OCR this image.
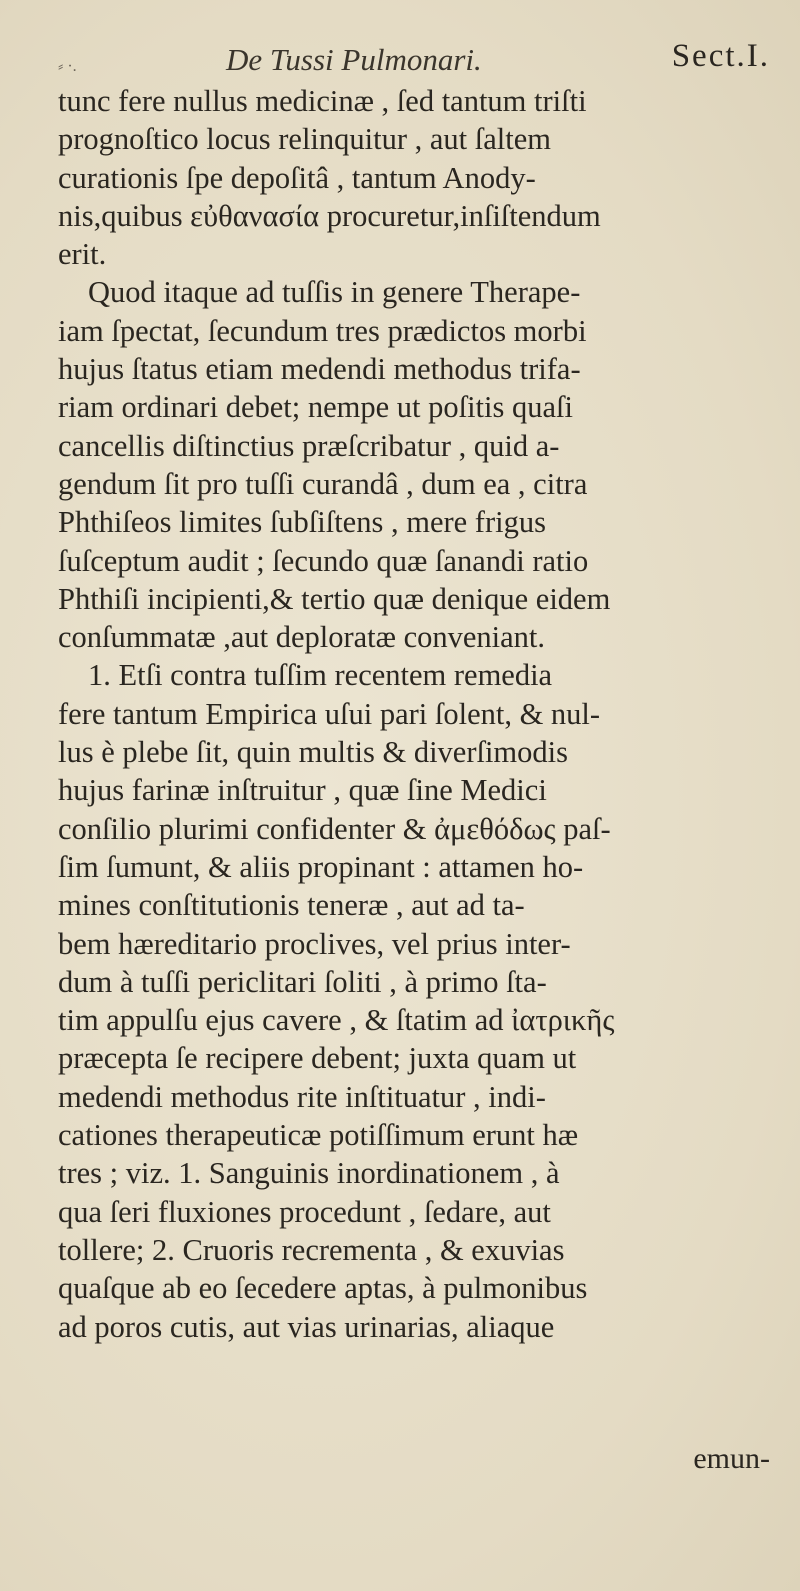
⸗ ·.	De Tussi Pulmonari.	Sect.I.
tunc fere nullus medicinæ , ſed tantum triſti
prognoſtico locus relinquitur , aut ſaltem
curationis ſpe depoſitâ , tantum Anody-
nis,quibus εὐθανασία procuretur,inſiſtendum
erit.
Quod itaque ad tuſſis in genere Therape-
iam ſpectat, ſecundum tres prædictos morbi
hujus ſtatus etiam medendi methodus trifa-
riam ordinari debet; nempe ut poſitis quaſi
cancellis diſtinctius præſcribatur , quid a-
gendum ſit pro tuſſi curandâ , dum ea , citra
Phthiſeos limites ſubſiſtens , mere frigus
ſuſceptum audit ; ſecundo quæ ſanandi ratio
Phthiſi incipienti,& tertio quæ denique eidem
conſummatæ ,aut deploratæ conveniant.
1. Etſi contra tuſſim recentem remedia
fere tantum Empirica uſui pari ſolent, & nul-
lus è plebe ſit, quin multis & diverſimodis
hujus farinæ inſtruitur , quæ ſine Medici
conſilio plurimi confidenter & ἀμεθόδως paſ-
ſim ſumunt, & aliis propinant : attamen ho-
mines conſtitutionis teneræ , aut ad ta-
bem hæreditario proclives, vel prius inter-
dum à tuſſi periclitari ſoliti , à primo ſta-
tim appulſu ejus cavere , & ſtatim ad ἰατρικῆς
præcepta ſe recipere debent; juxta quam ut
medendi methodus rite inſtituatur , indi-
cationes therapeuticæ potiſſimum erunt hæ
tres ; viz. 1. Sanguinis inordinationem , à
qua ſeri fluxiones procedunt , ſedare, aut
tollere; 2. Cruoris recrementa , & exuvias
quaſque ab eo ſecedere aptas, à pulmonibus
ad poros cutis, aut vias urinarias, aliaque
emun-
